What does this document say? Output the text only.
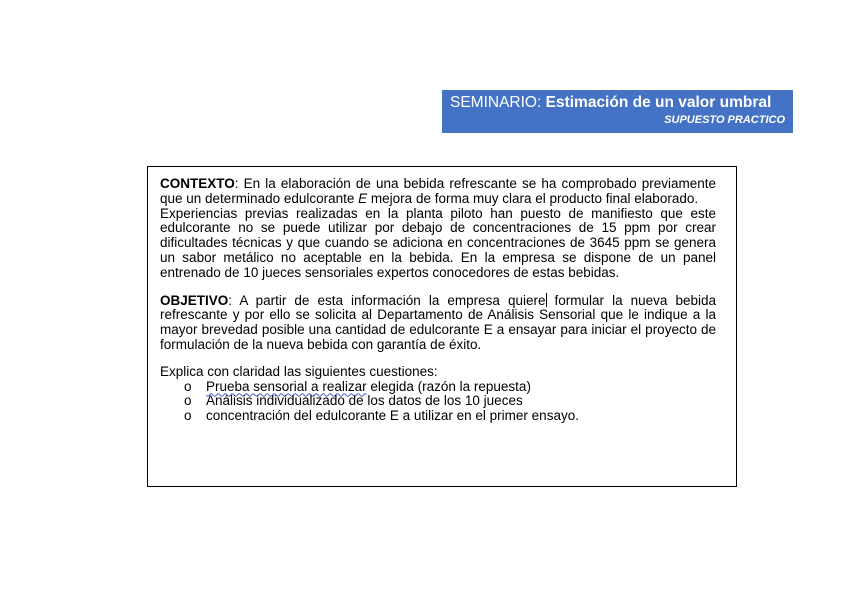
SEMINARIO: Estimación de un valor umbral
SUPUESTO PRACTICO

CONTEXTO: En la elaboración de una bebida refrescante se ha comprobado previamente que un determinado edulcorante E mejora de forma muy clara el producto final elaborado.

Experiencias previas realizadas en la planta piloto han puesto de manifiesto que este edulcorante no se puede utilizar por debajo de concentraciones de 15 ppm por crear dificultades técnicas y que cuando se adiciona en concentraciones de 3645 ppm se genera un sabor metálico no aceptable en la bebida. En la empresa se dispone de un panel entrenado de 10 jueces sensoriales expertos conocedores de estas bebidas.

OBJETIVO: A partir de esta información la empresa quiere formular la nueva bebida refrescante y por ello se solicita al Departamento de Análisis Sensorial que le indique a la mayor brevedad posible una cantidad de edulcorante E a ensayar para iniciar el proyecto de formulación de la nueva bebida con garantía de éxito.

Explica con claridad las siguientes cuestiones:

o Prueba sensorial a realizar elegida (razón la repuesta)
o Análisis individualizado de los datos de los 10 jueces
o concentración del edulcorante E a utilizar en el primer ensayo.
